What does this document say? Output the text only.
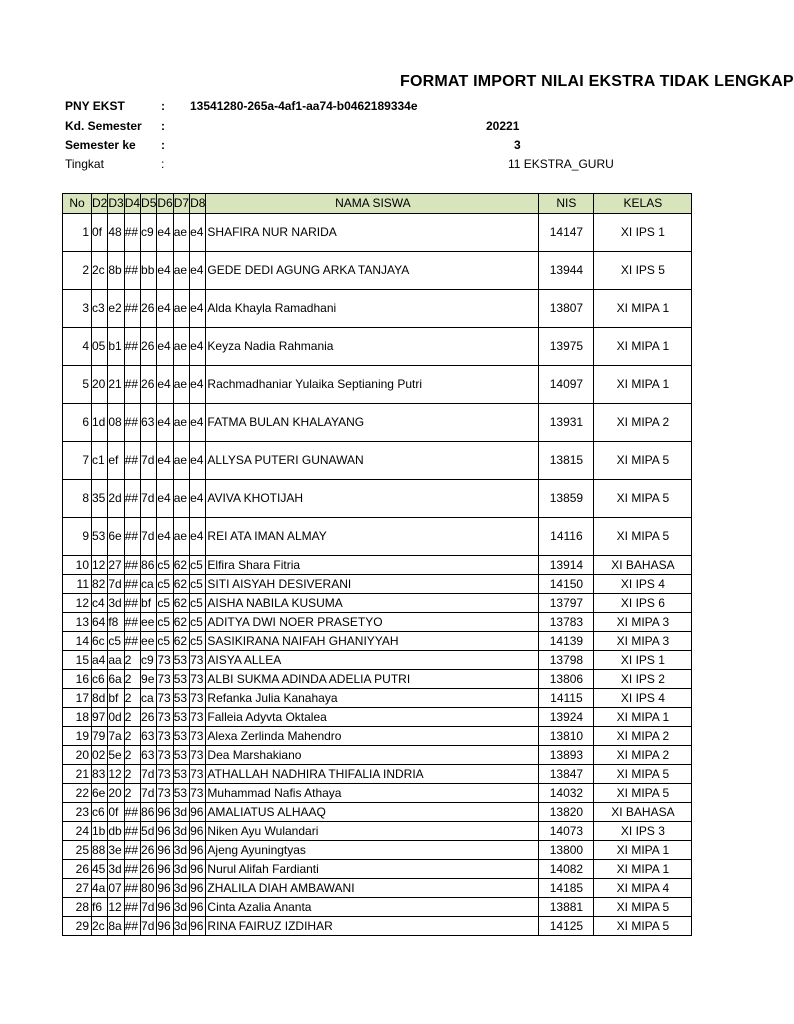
FORMAT IMPORT NILAI EKSTRA TIDAK LENGKAP
PNY EKST	: 13541280-265a-4af1-aa74-b0462189334e
Kd. Semester :	20221
Semester ke :	3
Tingkat	:	11 EKSTRA_GURU
No	D2	D3	D4	D5	D6	D7	D8	NAMA SISWA	NIS	KELAS
1	0f	48	##	c9	e4	ae	e4	SHAFIRA NUR NARIDA	14147	XI IPS 1
2	2c	8b	##	bb	e4	ae	e4	GEDE DEDI AGUNG ARKA TANJAYA	13944	XI IPS 5
3	c3	e2	##	26	e4	ae	e4	Alda Khayla Ramadhani	13807	XI MIPA 1
4	05	b1	##	26	e4	ae	e4	Keyza Nadia Rahmania	13975	XI MIPA 1
5	20	21	##	26	e4	ae	e4	Rachmadhaniar Yulaika Septianing Putri	14097	XI MIPA 1
6	1d	08	##	63	e4	ae	e4	FATMA BULAN KHALAYANG	13931	XI MIPA 2
7	c1	ef	##	7d	e4	ae	e4	ALLYSA PUTERI GUNAWAN	13815	XI MIPA 5
8	35	2d	##	7d	e4	ae	e4	AVIVA KHOTIJAH	13859	XI MIPA 5
9	53	6e	##	7d	e4	ae	e4	REI ATA IMAN ALMAY	14116	XI MIPA 5
10	12	27	##	86	c5	62	c5	Elfira Shara Fitria	13914	XI BAHASA
11	82	7d	##	ca	c5	62	c5	SITI AISYAH DESIVERANI	14150	XI IPS 4
12	c4	3d	##	bf	c5	62	c5	AISHA NABILA KUSUMA	13797	XI IPS 6
13	64	f8	##	ee	c5	62	c5	ADITYA DWI NOER PRASETYO	13783	XI MIPA 3
14	6c	c5	##	ee	c5	62	c5	SASIKIRANA NAIFAH GHANIYYAH	14139	XI MIPA 3
15	a4	aa	2	c9	73	53	73	AISYA ALLEA	13798	XI IPS 1
16	c6	6a	2	9e	73	53	73	ALBI SUKMA ADINDA ADELIA PUTRI	13806	XI IPS 2
17	8d	bf	2	ca	73	53	73	Refanka Julia Kanahaya	14115	XI IPS 4
18	97	0d	2	26	73	53	73	Falleia Adyvta Oktalea	13924	XI MIPA 1
19	79	7a	2	63	73	53	73	Alexa Zerlinda Mahendro	13810	XI MIPA 2
20	02	5e	2	63	73	53	73	Dea Marshakiano	13893	XI MIPA 2
21	83	12	2	7d	73	53	73	ATHALLAH NADHIRA THIFALIA INDRIA	13847	XI MIPA 5
22	6e	20	2	7d	73	53	73	Muhammad Nafis Athaya	14032	XI MIPA 5
23	c6	0f	##	86	96	3d	96	AMALIATUS ALHAAQ	13820	XI BAHASA
24	1b	db	##	5d	96	3d	96	Niken Ayu Wulandari	14073	XI IPS 3
25	88	3e	##	26	96	3d	96	Ajeng Ayuningtyas	13800	XI MIPA 1
26	45	3d	##	26	96	3d	96	Nurul Alifah Fardianti	14082	XI MIPA 1
27	4a	07	##	80	96	3d	96	ZHALILA DIAH AMBAWANI	14185	XI MIPA 4
28	f6	12	##	7d	96	3d	96	Cinta Azalia Ananta	13881	XI MIPA 5
29	2c	8a	##	7d	96	3d	96	RINA FAIRUZ IZDIHAR	14125	XI MIPA 5
